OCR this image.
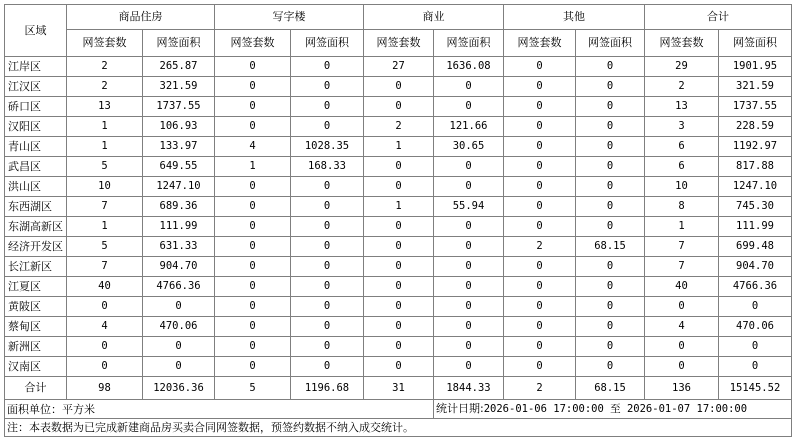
区域	商品住房		写字楼		商业		其他		合计	
	网签套数	网签面积	网签套数	网签面积	网签套数	网签面积	网签套数	网签面积	网签套数	网签面积
江岸区	2	265.87	0	0	27	1636.08	0	0	29	1901.95
江汉区	2	321.59	0	0	0	0	0	0	2	321.59
硚口区	13	1737.55	0	0	0	0	0	0	13	1737.55
汉阳区	1	106.93	0	0	2	121.66	0	0	3	228.59
青山区	1	133.97	4	1028.35	1	30.65	0	0	6	1192.97
武昌区	5	649.55	1	168.33	0	0	0	0	6	817.88
洪山区	10	1247.10	0	0	0	0	0	0	10	1247.10
东西湖区	7	689.36	0	0	1	55.94	0	0	8	745.30
东湖高新区	1	111.99	0	0	0	0	0	0	1	111.99
经济开发区	5	631.33	0	0	0	0	2	68.15	7	699.48
长江新区	7	904.70	0	0	0	0	0	0	7	904.70
江夏区	40	4766.36	0	0	0	0	0	0	40	4766.36
黄陂区	0	0	0	0	0	0	0	0	0	0
蔡甸区	4	470.06	0	0	0	0	0	0	4	470.06
新洲区	0	0	0	0	0	0	0	0	0	0
汉南区	0	0	0	0	0	0	0	0	0	0
合计	98	12036.36	5	1196.68	31	1844.33	2	68.15	136	15145.52
面积单位：平方米						统计日期:2026-01-06 17:00:00 至 2026-01-07 17:00:00				
注：本表数据为已完成新建商品房买卖合同网签数据，预签约数据不纳入成交统计。										
